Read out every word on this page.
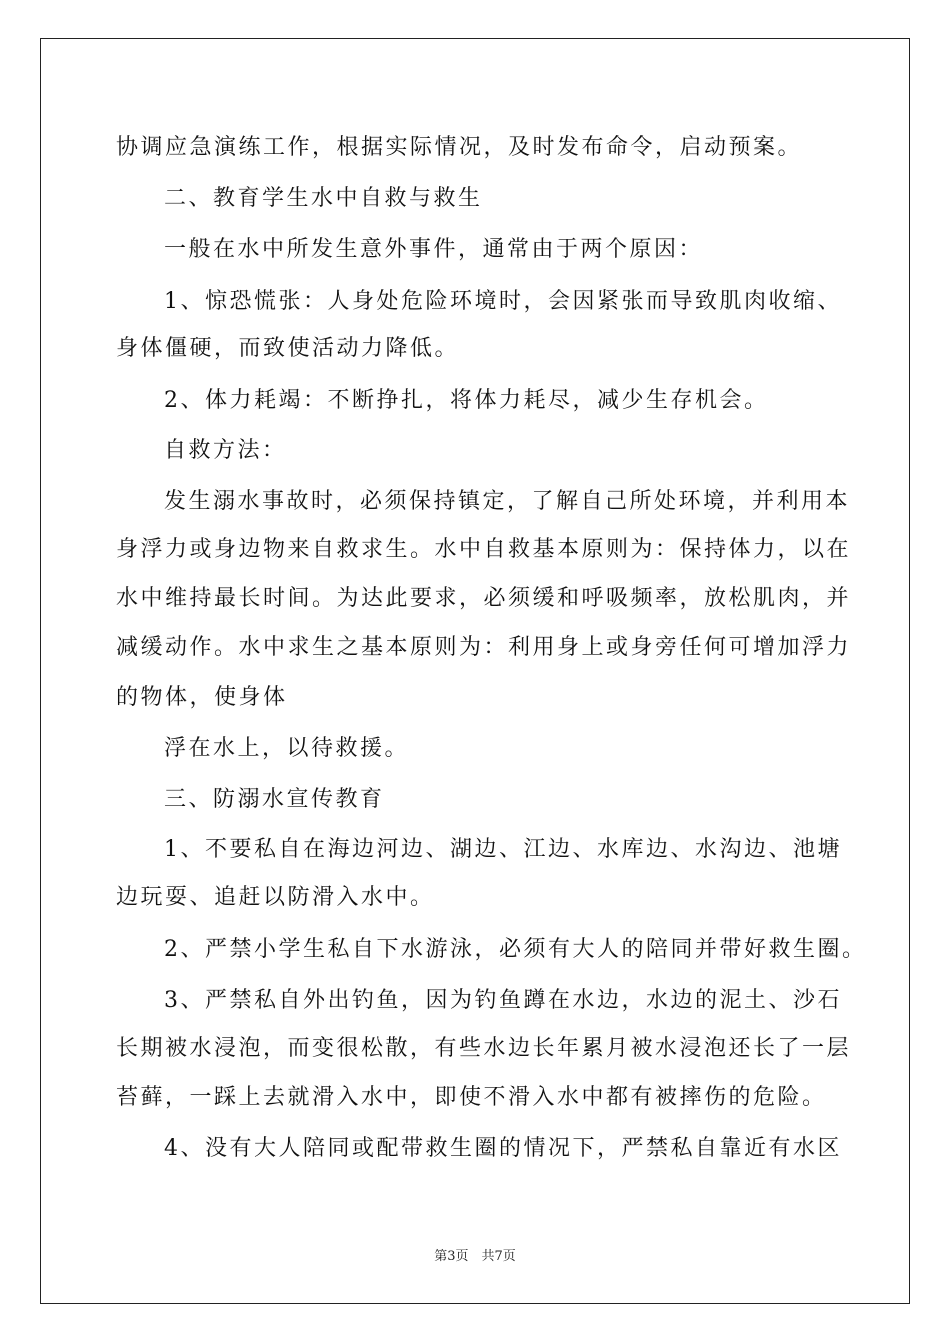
协调应急演练工作，根据实际情况，及时发布命令，启动预案。

二、教育学生水中自救与救生

一般在水中所发生意外事件，通常由于两个原因：

1、惊恐慌张：人身处危险环境时，会因紧张而导致肌肉收缩、

身体僵硬，而致使活动力降低。

2、体力耗竭：不断挣扎，将体力耗尽，减少生存机会。

自救方法：

发生溺水事故时，必须保持镇定，了解自己所处环境，并利用本

身浮力或身边物来自救求生。水中自救基本原则为：保持体力，以在

水中维持最长时间。为达此要求，必须缓和呼吸频率，放松肌肉，并

减缓动作。水中求生之基本原则为：利用身上或身旁任何可增加浮力

的物体，使身体

浮在水上，以待救援。

三、防溺水宣传教育

1、不要私自在海边河边、湖边、江边、水库边、水沟边、池塘

边玩耍、追赶以防滑入水中。

2、严禁小学生私自下水游泳，必须有大人的陪同并带好救生圈。

3、严禁私自外出钓鱼，因为钓鱼蹲在水边，水边的泥土、沙石

长期被水浸泡，而变很松散，有些水边长年累月被水浸泡还长了一层

苔藓，一踩上去就滑入水中，即使不滑入水中都有被摔伤的危险。

4、没有大人陪同或配带救生圈的情况下，严禁私自靠近有水区

第3页　共7页
